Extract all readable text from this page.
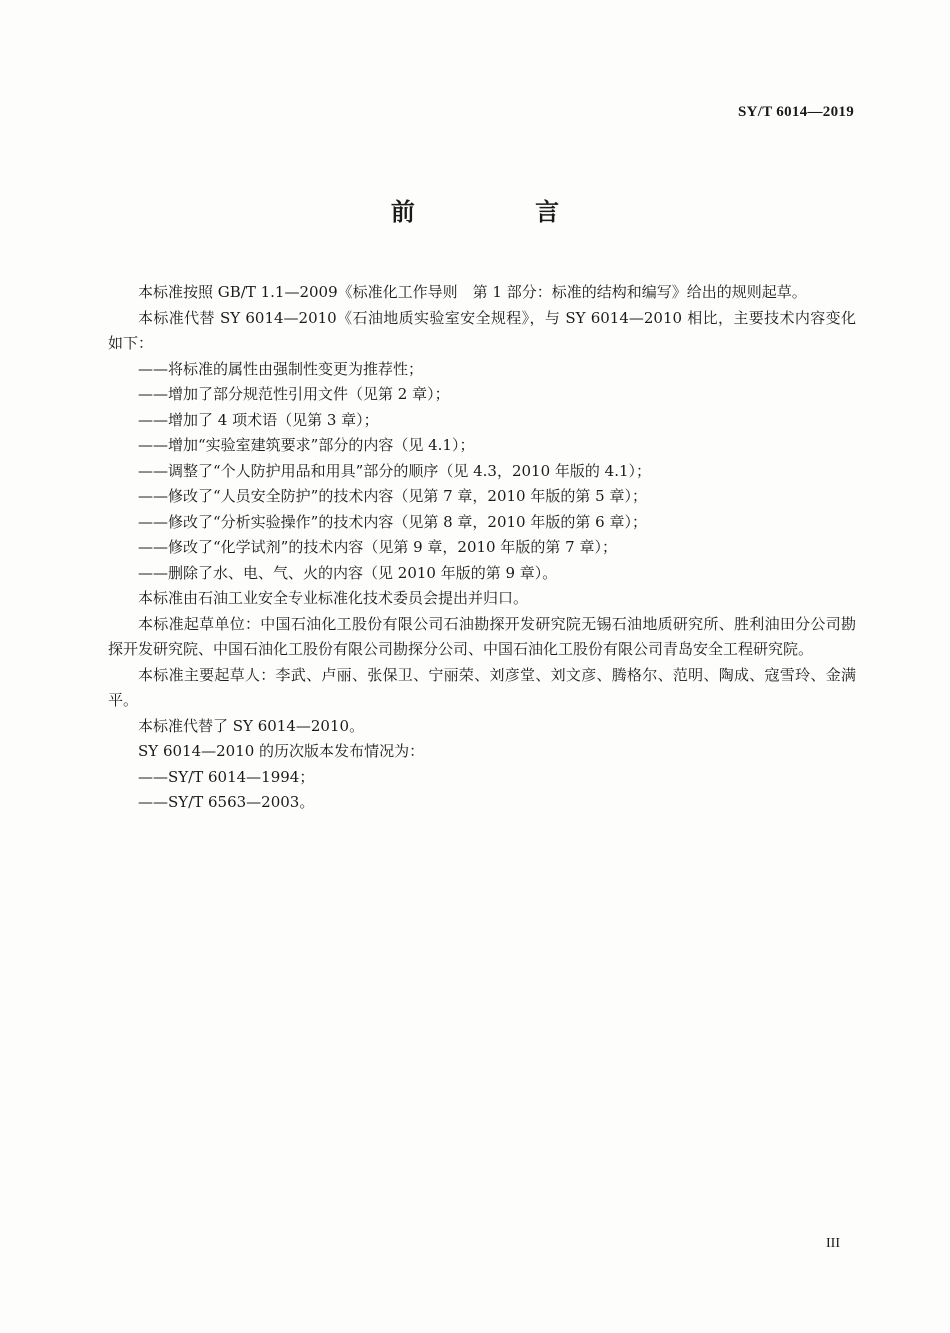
SY/T 6014—2019
前 言

本标准按照 GB/T 1.1—2009《标准化工作导则　第 1 部分：标准的结构和编写》给出的规则起草。

本标准代替 SY 6014—2010《石油地质实验室安全规程》，与 SY 6014—2010 相比，主要技术内容变化如下：

——将标准的属性由强制性变更为推荐性；

——增加了部分规范性引用文件（见第 2 章）；

——增加了 4 项术语（见第 3 章）；

——增加“实验室建筑要求”部分的内容（见 4.1）；

——调整了“个人防护用品和用具”部分的顺序（见 4.3，2010 年版的 4.1）；

——修改了“人员安全防护”的技术内容（见第 7 章，2010 年版的第 5 章）；

——修改了“分析实验操作”的技术内容（见第 8 章，2010 年版的第 6 章）；

——修改了“化学试剂”的技术内容（见第 9 章，2010 年版的第 7 章）；

——删除了水、电、气、火的内容（见 2010 年版的第 9 章）。

本标准由石油工业安全专业标准化技术委员会提出并归口。

本标准起草单位：中国石油化工股份有限公司石油勘探开发研究院无锡石油地质研究所、胜利油田分公司勘探开发研究院、中国石油化工股份有限公司勘探分公司、中国石油化工股份有限公司青岛安全工程研究院。

本标准主要起草人：李武、卢丽、张保卫、宁丽荣、刘彦堂、刘文彦、腾格尔、范明、陶成、寇雪玲、金满平。

本标准代替了 SY 6014—2010。

SY 6014—2010 的历次版本发布情况为：

——SY/T 6014—1994；

——SY/T 6563—2003。

III
